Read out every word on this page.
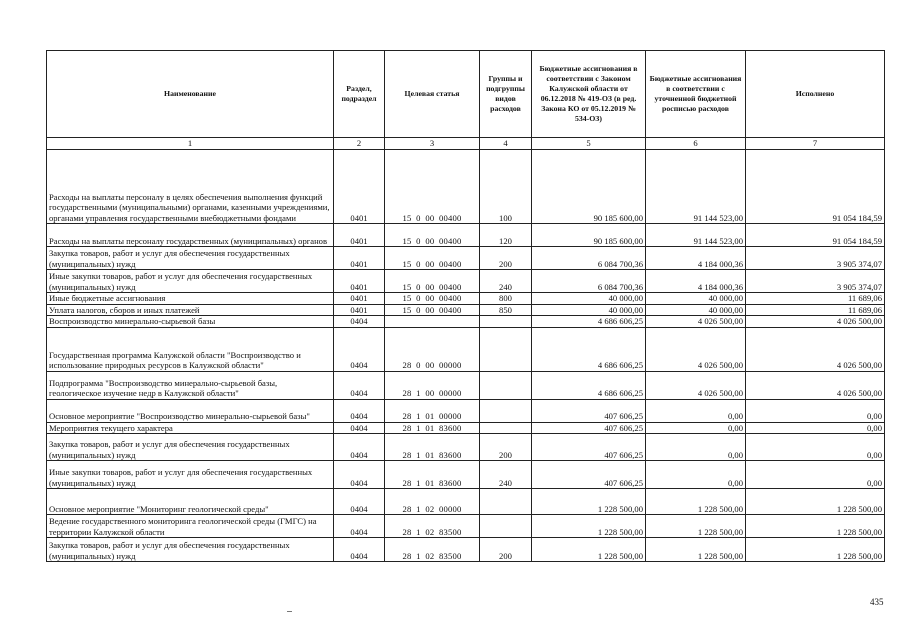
Наименование	Раздел, подраздел	Целевая статья	Группы и подгруппы видов расходов	Бюджетные ассигнования в соответствии с Законом Калужской области от 06.12.2018 № 419-ОЗ (в ред. Закона КО от 05.12.2019 № 534-ОЗ)	Бюджетные ассигнования в соответствии с уточненной бюджетной росписью расходов	Исполнено
1	2	3	4	5	6	7
Расходы на выплаты персоналу в целях обеспечения выполнения функций государственными (муниципальными) органами, казенными учреждениями, органами управления государственными внебюджетными фондами	0401	15  0  00  00400	100	90 185 600,00	91 144 523,00	91 054 184,59
Расходы на выплаты персоналу государственных (муниципальных) органов	0401	15  0  00  00400	120	90 185 600,00	91 144 523,00	91 054 184,59
Закупка товаров, работ и услуг для обеспечения государственных (муниципальных) нужд	0401	15  0  00  00400	200	6 084 700,36	4 184 000,36	3 905 374,07
Иные закупки товаров, работ и услуг для обеспечения государственных (муниципальных) нужд	0401	15  0  00  00400	240	6 084 700,36	4 184 000,36	3 905 374,07
Иные бюджетные ассигнования	0401	15  0  00  00400	800	40 000,00	40 000,00	11 689,06
Уплата налогов, сборов и иных платежей	0401	15  0  00  00400	850	40 000,00	40 000,00	11 689,06
Воспроизводство минерально-сырьевой базы	0404			4 686 606,25	4 026 500,00	4 026 500,00
Государственная программа Калужской области "Воспроизводство и использование природных ресурсов в Калужской области"	0404	28  0  00  00000		4 686 606,25	4 026 500,00	4 026 500,00
Подпрограмма "Воспроизводство минерально-сырьевой базы, геологическое изучение недр в Калужской области"	0404	28  1  00  00000		4 686 606,25	4 026 500,00	4 026 500,00
Основное мероприятие "Воспроизводство минерально-сырьевой базы"	0404	28  1  01  00000		407 606,25	0,00	0,00
Мероприятия текущего характера	0404	28  1  01  83600		407 606,25	0,00	0,00
Закупка товаров, работ и услуг для обеспечения государственных (муниципальных) нужд	0404	28  1  01  83600	200	407 606,25	0,00	0,00
Иные закупки товаров, работ и услуг для обеспечения государственных (муниципальных) нужд	0404	28  1  01  83600	240	407 606,25	0,00	0,00
Основное мероприятие "Мониторинг геологической среды"	0404	28  1  02  00000		1 228 500,00	1 228 500,00	1 228 500,00
Ведение государственного мониторинга геологической среды (ГМГС) на территории Калужской области	0404	28  1  02  83500		1 228 500,00	1 228 500,00	1 228 500,00
Закупка товаров, работ и услуг для обеспечения государственных (муниципальных) нужд	0404	28  1  02  83500	200	1 228 500,00	1 228 500,00	1 228 500,00
435
